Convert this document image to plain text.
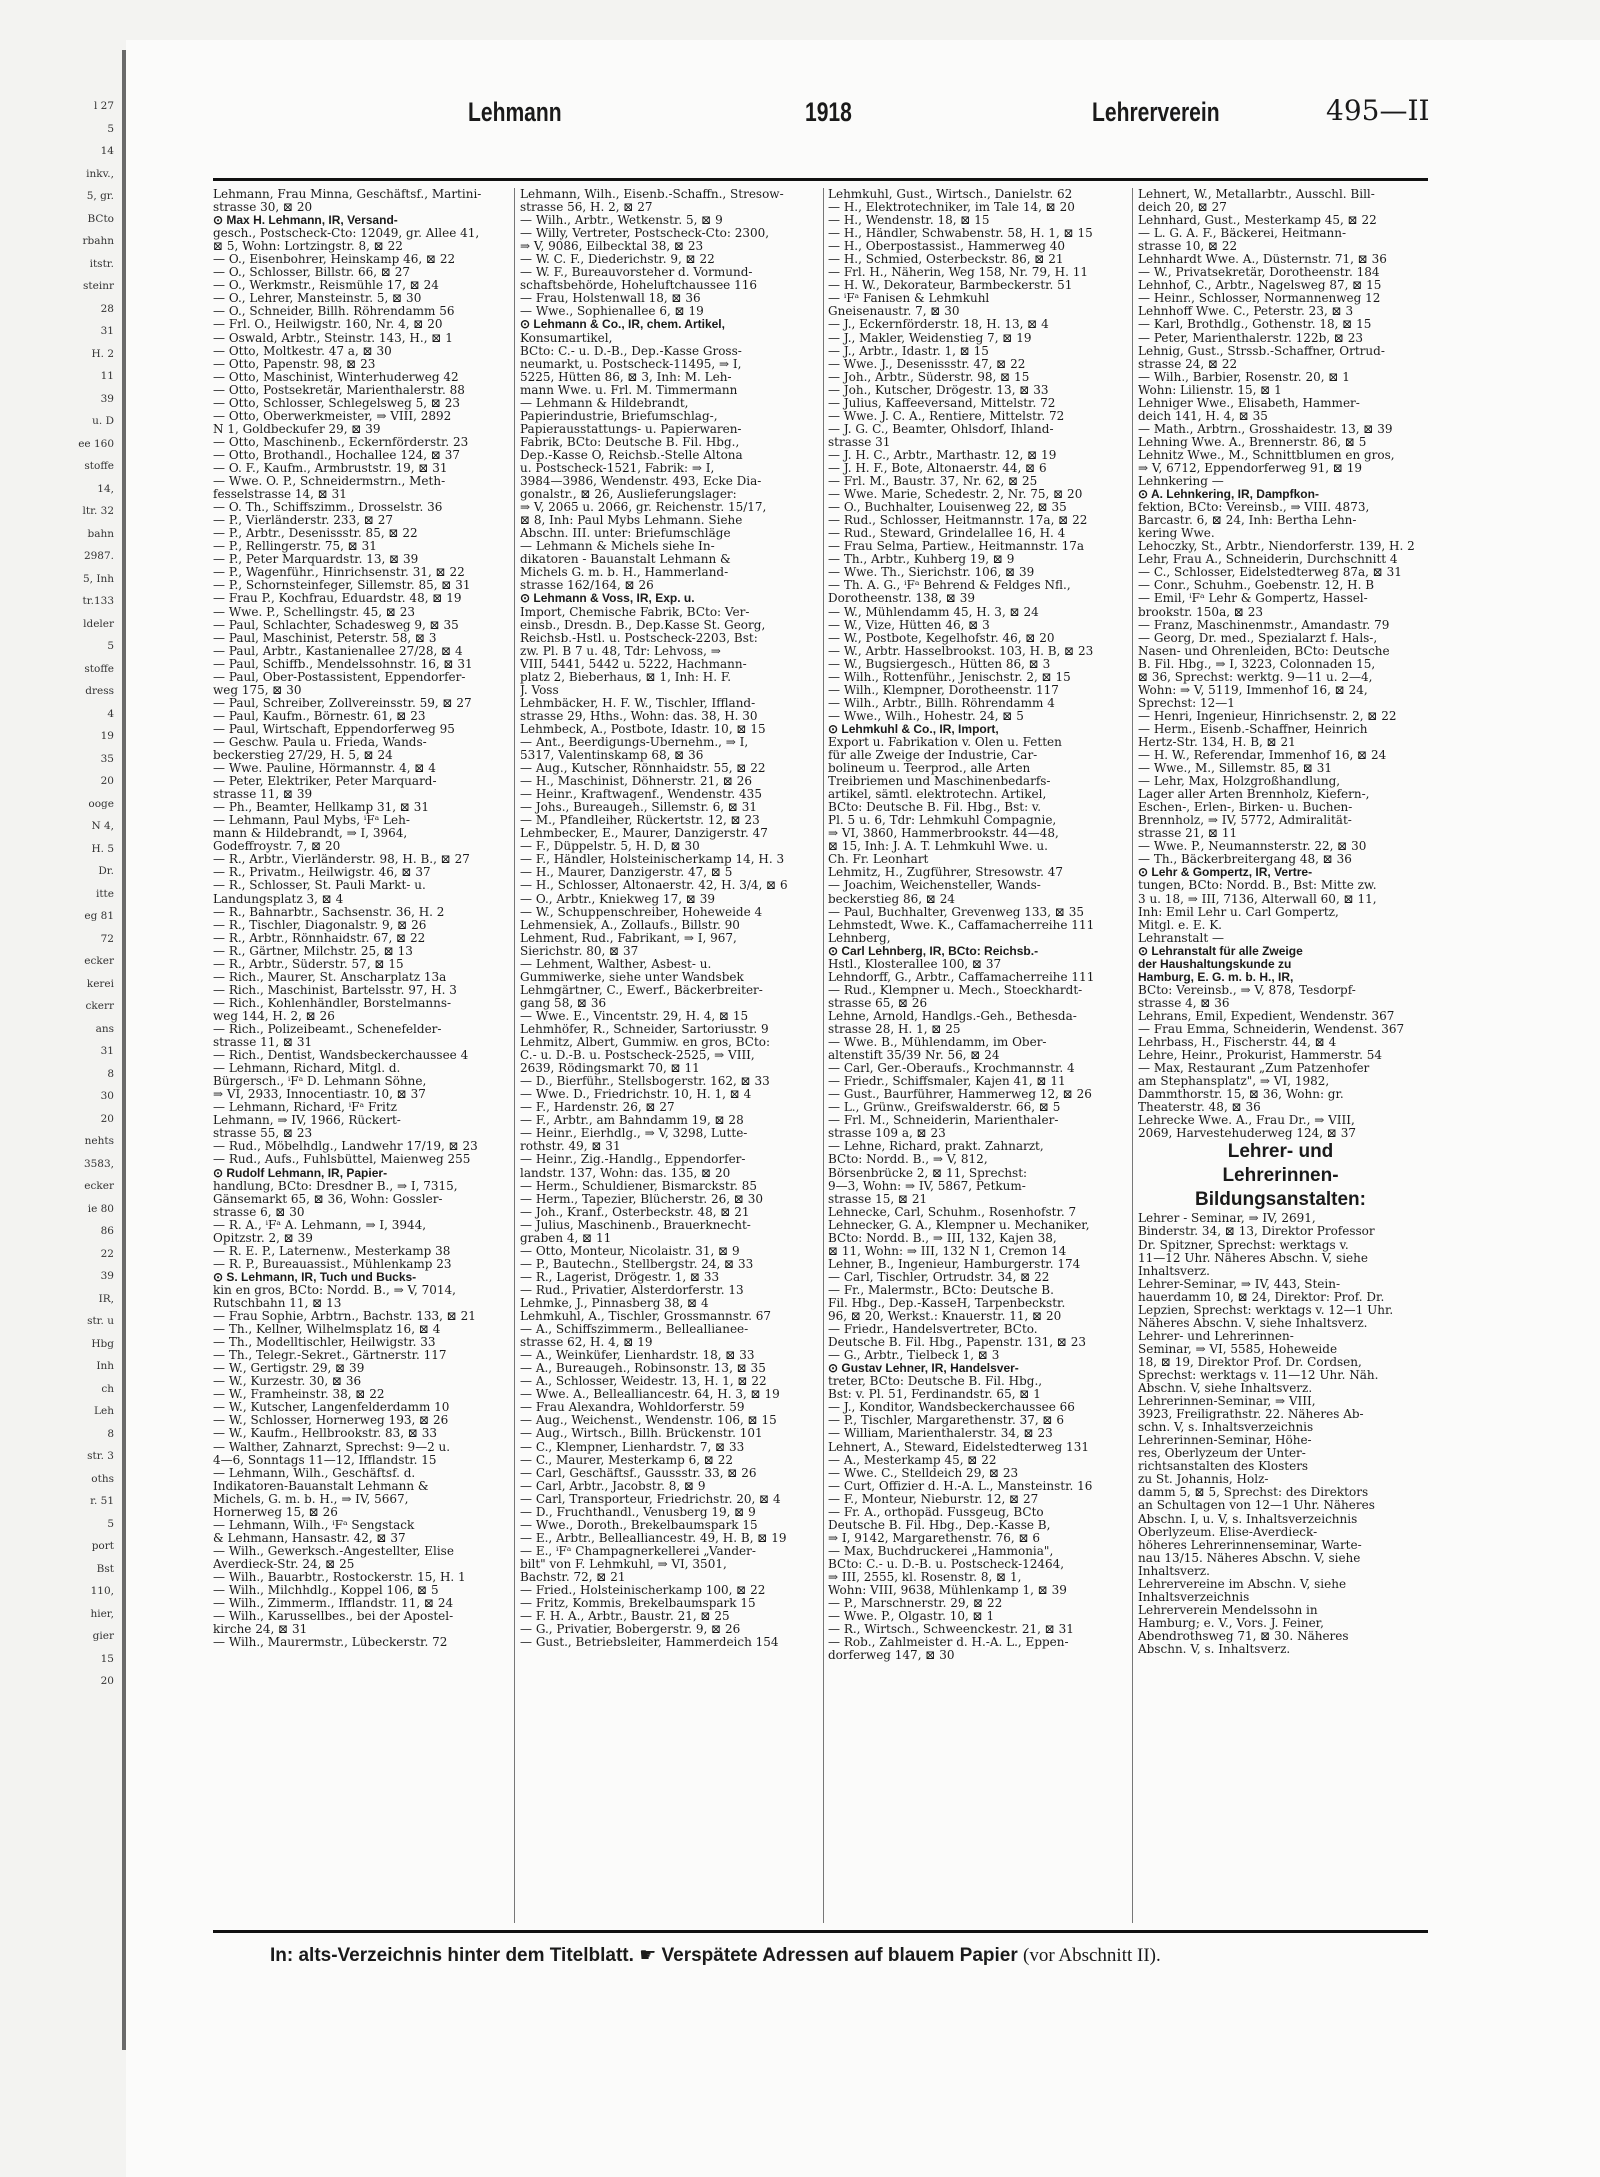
l 27
5
14
inkv.,
5, gr.
BCto
rbahn
itstr.
steinr
28
31
H. 2
11
39
u. D
ee 160
stoffe
14,
ltr. 32
bahn
2987.
5, Inh
tr.133
ldeler
5
stoffe
dress
4
19
35
20
ooge
N 4,
H. 5
Dr.
itte
eg 81
72
ecker
kerei
ckerr
ans
31
8
30
20
nehts
3583,
ecker
ie 80
86
22
39
IR,
str. u
Hbg
Inh
ch
Leh
8
str. 3
oths
r. 51
5
port
Bst
110,
hier,
gier
15
20
Lehmann	1918	Lehrerverein	495—II

Lehmann, Frau Minna, Geschäftsf., Martini-

strasse 30, ⊠ 20

⊙ Max H. Lehmann, IR, Versand-

gesch., Postscheck-Cto: 12049, gr. Allee 41,

⊠ 5, Wohn: Lortzingstr. 8, ⊠ 22

— O., Eisenbohrer, Heinskamp 46, ⊠ 22

— O., Schlosser, Billstr. 66, ⊠ 27

— O., Werkmstr., Reismühle 17, ⊠ 24

— O., Lehrer, Mansteinstr. 5, ⊠ 30

— O., Schneider, Billh. Röhrendamm 56

— Frl. O., Heilwigstr. 160, Nr. 4, ⊠ 20

— Oswald, Arbtr., Steinstr. 143, H., ⊠ 1

— Otto, Moltkestr. 47 a, ⊠ 30

— Otto, Papenstr. 98, ⊠ 23

— Otto, Maschinist, Winterhuderweg 42

— Otto, Postsekretär, Marienthalerstr. 88

— Otto, Schlosser, Schlegelsweg 5, ⊠ 23

— Otto, Oberwerkmeister, ⇒ VIII, 2892

N 1, Goldbeckufer 29, ⊠ 39

— Otto, Maschinenb., Eckernförderstr. 23

— Otto, Brothandl., Hochallee 124, ⊠ 37

— O. F., Kaufm., Armbruststr. 19, ⊠ 31

— Wwe. O. P., Schneidermstrn., Meth-

fesselstrasse 14, ⊠ 31

— O. Th., Schiffszimm., Drosselstr. 36

— P., Vierländerstr. 233, ⊠ 27

— P., Arbtr., Desenissstr. 85, ⊠ 22

— P., Rellingerstr. 75, ⊠ 31

— P., Peter Marquardstr. 13, ⊠ 39

— P., Wagenführ., Hinrichsenstr. 31, ⊠ 22

— P., Schornsteinfeger, Sillemstr. 85, ⊠ 31

— Frau P., Kochfrau, Eduardstr. 48, ⊠ 19

— Wwe. P., Schellingstr. 45, ⊠ 23

— Paul, Schlachter, Schadesweg 9, ⊠ 35

— Paul, Maschinist, Peterstr. 58, ⊠ 3

— Paul, Arbtr., Kastanienallee 27/28, ⊠ 4

— Paul, Schiffb., Mendelssohnstr. 16, ⊠ 31

— Paul, Ober-Postassistent, Eppendorfer-

weg 175, ⊠ 30

— Paul, Schreiber, Zollvereinsstr. 59, ⊠ 27

— Paul, Kaufm., Börnestr. 61, ⊠ 23

— Paul, Wirtschaft, Eppendorferweg 95

— Geschw. Paula u. Frieda, Wands-

beckerstieg 27/29, H. 5, ⊠ 24

— Wwe. Pauline, Hörmannstr. 4, ⊠ 4

— Peter, Elektriker, Peter Marquard-

strasse 11, ⊠ 39

— Ph., Beamter, Hellkamp 31, ⊠ 31

— Lehmann, Paul Mybs, ⁱFᵃ Leh-

mann & Hildebrandt, ⇒ I, 3964,

Godeffroystr. 7, ⊠ 20

— R., Arbtr., Vierländerstr. 98, H. B., ⊠ 27

— R., Privatm., Heilwigstr. 46, ⊠ 37

— R., Schlosser, St. Pauli Markt- u.

Landungsplatz 3, ⊠ 4

— R., Bahnarbtr., Sachsenstr. 36, H. 2

— R., Tischler, Diagonalstr. 9, ⊠ 26

— R., Arbtr., Rönnhaidstr. 67, ⊠ 22

— R., Gärtner, Milchstr. 25, ⊠ 13

— R., Arbtr., Süderstr. 57, ⊠ 15

— Rich., Maurer, St. Anscharplatz 13a

— Rich., Maschinist, Bartelsstr. 97, H. 3

— Rich., Kohlenhändler, Borstelmanns-

weg 144, H. 2, ⊠ 26

— Rich., Polizeibeamt., Schenefelder-

strasse 11, ⊠ 31

— Rich., Dentist, Wandsbeckerchaussee 4

— Lehmann, Richard, Mitgl. d.

Bürgersch., ⁱFᵃ D. Lehmann Söhne,

⇒ VI, 2933, Innocentiastr. 10, ⊠ 37

— Lehmann, Richard, ⁱFᵃ Fritz

Lehmann, ⇒ IV, 1966, Rückert-

strasse 55, ⊠ 23

— Rud., Möbelhdlg., Landwehr 17/19, ⊠ 23

— Rud., Aufs., Fuhlsbüttel, Maienweg 255

⊙ Rudolf Lehmann, IR, Papier-

handlung, BCto: Dresdner B., ⇒ I, 7315,

Gänsemarkt 65, ⊠ 36, Wohn: Gossler-

strasse 6, ⊠ 30

— R. A., ⁱFᵃ A. Lehmann, ⇒ I, 3944,

Opitzstr. 2, ⊠ 39

— R. E. P., Laternenw., Mesterkamp 38

— R. P., Bureauassist., Mühlenkamp 23

⊙ S. Lehmann, IR, Tuch und Bucks-

kin en gros, BCto: Nordd. B., ⇒ V, 7014,

Rutschbahn 11, ⊠ 13

— Frau Sophie, Arbtrn., Bachstr. 133, ⊠ 21

— Th., Kellner, Wilhelmsplatz 16, ⊠ 4

— Th., Modelltischler, Heilwigstr. 33

— Th., Telegr.-Sekret., Gärtnerstr. 117

— W., Gertigstr. 29, ⊠ 39

— W., Kurzestr. 30, ⊠ 36

— W., Framheinstr. 38, ⊠ 22

— W., Kutscher, Langenfelderdamm 10

— W., Schlosser, Hornerweg 193, ⊠ 26

— W., Kaufm., Hellbrookstr. 83, ⊠ 33

— Walther, Zahnarzt, Sprechst: 9—2 u.

4—6, Sonntags 11—12, Ifflandstr. 15

— Lehmann, Wilh., Geschäftsf. d.

Indikatoren-Bauanstalt Lehmann &

Michels, G. m. b. H., ⇒ IV, 5667,

Hornerweg 15, ⊠ 26

— Lehmann, Wilh., ⁱFᵃ Sengstack

& Lehmann, Hansastr. 42, ⊠ 37

— Wilh., Gewerksch.-Angestellter, Elise

Averdieck-Str. 24, ⊠ 25

— Wilh., Bauarbtr., Rostockerstr. 15, H. 1

— Wilh., Milchhdlg., Koppel 106, ⊠ 5

— Wilh., Zimmerm., Ifflandstr. 11, ⊠ 24

— Wilh., Karussellbes., bei der Apostel-

kirche 24, ⊠ 31

— Wilh., Maurermstr., Lübeckerstr. 72

Lehmann, Wilh., Eisenb.-Schaffn., Stresow-

strasse 56, H. 2, ⊠ 27

— Wilh., Arbtr., Wetkenstr. 5, ⊠ 9

— Willy, Vertreter, Postscheck-Cto: 2300,

⇒ V, 9086, Eilbecktal 38, ⊠ 23

— W. C. F., Diederichstr. 9, ⊠ 22

— W. F., Bureauvorsteher d. Vormund-

schaftsbehörde, Hoheluftchaussee 116

— Frau, Holstenwall 18, ⊠ 36

— Wwe., Sophienallee 6, ⊠ 19

⊙ Lehmann & Co., IR, chem. Artikel,

Konsumartikel,

BCto: C.- u. D.-B., Dep.-Kasse Gross-

neumarkt, u. Postscheck-11495, ⇒ I,

5225, Hütten 86, ⊠ 3, Inh: M. Leh-

mann Wwe. u. Frl. M. Timmermann

— Lehmann & Hildebrandt,

Papierindustrie, Briefumschlag-,

Papierausstattungs- u. Papierwaren-

Fabrik, BCto: Deutsche B. Fil. Hbg.,

Dep.-Kasse O, Reichsb.-Stelle Altona

u. Postscheck-1521, Fabrik: ⇒ I,

3984—3986, Wendenstr. 493, Ecke Dia-

gonalstr., ⊠ 26, Auslieferungslager:

⇒ V, 2065 u. 2066, gr. Reichenstr. 15/17,

⊠ 8, Inh: Paul Mybs Lehmann. Siehe

Abschn. III. unter: Briefumschläge

— Lehmann & Michels siehe In-

dikatoren - Bauanstalt Lehmann &

Michels G. m. b. H., Hammerland-

strasse 162/164, ⊠ 26

⊙ Lehmann & Voss, IR, Exp. u.

Import, Chemische Fabrik, BCto: Ver-

einsb., Dresdn. B., Dep.Kasse St. Georg,

Reichsb.-Hstl. u. Postscheck-2203, Bst:

zw. Pl. B 7 u. 48, Tdr: Lehvoss, ⇒

VIII, 5441, 5442 u. 5222, Hachmann-

platz 2, Bieberhaus, ⊠ 1, Inh: H. F.

J. Voss

Lehmbäcker, H. F. W., Tischler, Iffland-

strasse 29, Hths., Wohn: das. 38, H. 30

Lehmbeck, A., Postbote, Idastr. 10, ⊠ 15

— Ant., Beerdigungs-Übernehm., ⇒ I,

5317, Valentinskamp 68, ⊠ 36

— Aug., Kutscher, Rönnhaidstr. 55, ⊠ 22

— H., Maschinist, Döhnerstr. 21, ⊠ 26

— Heinr., Kraftwagenf., Wendenstr. 435

— Johs., Bureaugeh., Sillemstr. 6, ⊠ 31

— M., Pfandleiher, Rückertstr. 12, ⊠ 23

Lehmbecker, E., Maurer, Danzigerstr. 47

— F., Düppelstr. 5, H. D, ⊠ 30

— F., Händler, Holsteinischerkamp 14, H. 3

— H., Maurer, Danzigerstr. 47, ⊠ 5

— H., Schlosser, Altonaerstr. 42, H. 3/4, ⊠ 6

— O., Arbtr., Kniekweg 17, ⊠ 39

— W., Schuppenschreiber, Hoheweide 4

Lehmensiek, A., Zollaufs., Billstr. 90

Lehment, Rud., Fabrikant, ⇒ I, 967,

Sierichstr. 80, ⊠ 37

— Lehment, Walther, Asbest- u.

Gummiwerke, siehe unter Wandsbek

Lehmgärtner, C., Ewerf., Bäckerbreiter-

gang 58, ⊠ 36

— Wwe. E., Vincentstr. 29, H. 4, ⊠ 15

Lehmhöfer, R., Schneider, Sartoriusstr. 9

Lehmitz, Albert, Gummiw. en gros, BCto:

C.- u. D.-B. u. Postscheck-2525, ⇒ VIII,

2639, Rödingsmarkt 70, ⊠ 11

— D., Bierführ., Stellsbogerstr. 162, ⊠ 33

— Wwe. D., Friedrichstr. 10, H. 1, ⊠ 4

— F., Hardenstr. 26, ⊠ 27

— F., Arbtr., am Bahndamm 19, ⊠ 28

— Heinr., Eierhdlg., ⇒ V, 3298, Lutte-

rothstr. 49, ⊠ 31

— Heinr., Zig.-Handlg., Eppendorfer-

landstr. 137, Wohn: das. 135, ⊠ 20

— Herm., Schuldiener, Bismarckstr. 85

— Herm., Tapezier, Blücherstr. 26, ⊠ 30

— Joh., Kranf., Osterbeckstr. 48, ⊠ 21

— Julius, Maschinenb., Brauerknecht-

graben 4, ⊠ 11

— Otto, Monteur, Nicolaistr. 31, ⊠ 9

— P., Bautechn., Stellbergstr. 24, ⊠ 33

— R., Lagerist, Drögestr. 1, ⊠ 33

— Rud., Privatier, Alsterdorferstr. 13

Lehmke, J., Pinnasberg 38, ⊠ 4

Lehmkuhl, A., Tischler, Grossmannstr. 67

— A., Schiffszimmerm., Belleallianee-

strasse 62, H. 4, ⊠ 19

— A., Weinküfer, Lienhardstr. 18, ⊠ 33

— A., Bureaugeh., Robinsonstr. 13, ⊠ 35

— A., Schlosser, Weidestr. 13, H. 1, ⊠ 22

— Wwe. A., Bellealliancestr. 64, H. 3, ⊠ 19

— Frau Alexandra, Wohldorferstr. 59

— Aug., Weichenst., Wendenstr. 106, ⊠ 15

— Aug., Wirtsch., Billh. Brückenstr. 101

— C., Klempner, Lienhardstr. 7, ⊠ 33

— C., Maurer, Mesterkamp 6, ⊠ 22

— Carl, Geschäftsf., Gaussstr. 33, ⊠ 26

— Carl, Arbtr., Jacobstr. 8, ⊠ 9

— Carl, Transporteur, Friedrichstr. 20, ⊠ 4

— D., Fruchthandl., Venusberg 19, ⊠ 9

— Wwe., Doroth., Brekelbaumspark 15

— E., Arbtr., Bellealliancestr. 49, H. B, ⊠ 19

— E., ⁱFᵃ Champagnerkellerei „Vander-

bilt" von F. Lehmkuhl, ⇒ VI, 3501,

Bachstr. 72, ⊠ 21

— Fried., Holsteinischerkamp 100, ⊠ 22

— Fritz, Kommis, Brekelbaumspark 15

— F. H. A., Arbtr., Baustr. 21, ⊠ 25

— G., Privatier, Bobergerstr. 9, ⊠ 26

— Gust., Betriebsleiter, Hammerdeich 154

Lehmkuhl, Gust., Wirtsch., Danielstr. 62

— H., Elektrotechniker, im Tale 14, ⊠ 20

— H., Wendenstr. 18, ⊠ 15

— H., Händler, Schwabenstr. 58, H. 1, ⊠ 15

— H., Oberpostassist., Hammerweg 40

— H., Schmied, Osterbeckstr. 86, ⊠ 21

— Frl. H., Näherin, Weg 158, Nr. 79, H. 11

— H. W., Dekorateur, Barmbeckerstr. 51

— ⁱFᵃ Fanisen & Lehmkuhl

Gneisenaustr. 7, ⊠ 30

— J., Eckernförderstr. 18, H. 13, ⊠ 4

— J., Makler, Weidenstieg 7, ⊠ 19

— J., Arbtr., Idastr. 1, ⊠ 15

— Wwe. J., Desenissstr. 47, ⊠ 22

— Joh., Arbtr., Süderstr. 98, ⊠ 15

— Joh., Kutscher, Drögestr. 13, ⊠ 33

— Julius, Kaffeeversand, Mittelstr. 72

— Wwe. J. C. A., Rentiere, Mittelstr. 72

— J. G. C., Beamter, Ohlsdorf, Ihland-

strasse 31

— J. H. C., Arbtr., Marthastr. 12, ⊠ 19

— J. H. F., Bote, Altonaerstr. 44, ⊠ 6

— Frl. M., Baustr. 37, Nr. 62, ⊠ 25

— Wwe. Marie, Schedestr. 2, Nr. 75, ⊠ 20

— O., Buchhalter, Louisenweg 22, ⊠ 35

— Rud., Schlosser, Heitmannstr. 17a, ⊠ 22

— Rud., Steward, Grindelallee 16, H. 4

— Frau Selma, Partiew., Heitmannstr. 17a

— Th., Arbtr., Kuhberg 19, ⊠ 9

— Wwe. Th., Sierichstr. 106, ⊠ 39

— Th. A. G., ⁱFᵃ Behrend & Feldges Nfl.,

Dorotheenstr. 138, ⊠ 39

— W., Mühlendamm 45, H. 3, ⊠ 24

— W., Vize, Hütten 46, ⊠ 3

— W., Postbote, Kegelhofstr. 46, ⊠ 20

— W., Arbtr. Hasselbrookst. 103, H. B, ⊠ 23

— W., Bugsiergesch., Hütten 86, ⊠ 3

— Wilh., Rottenführ., Jenischstr. 2, ⊠ 15

— Wilh., Klempner, Dorotheenstr. 117

— Wilh., Arbtr., Billh. Röhrendamm 4

— Wwe., Wilh., Hohestr. 24, ⊠ 5

⊙ Lehmkuhl & Co., IR, Import,

Export u. Fabrikation v. Ölen u. Fetten

für alle Zweige der Industrie, Car-

bolineum u. Teerprod., alle Arten

Treibriemen und Maschinenbedarfs-

artikel, sämtl. elektrotechn. Artikel,

BCto: Deutsche B. Fil. Hbg., Bst: v.

Pl. 5 u. 6, Tdr: Lehmkuhl Compagnie,

⇒ VI, 3860, Hammerbrookstr. 44—48,

⊠ 15, Inh: J. A. T. Lehmkuhl Wwe. u.

Ch. Fr. Leonhart

Lehmitz, H., Zugführer, Stresowstr. 47

— Joachim, Weichensteller, Wands-

beckerstieg 86, ⊠ 24

— Paul, Buchhalter, Grevenweg 133, ⊠ 35

Lehmstedt, Wwe. K., Caffamacherreihe 111

Lehnberg,

⊙ Carl Lehnberg, IR, BCto: Reichsb.-

Hstl., Klosterallee 100, ⊠ 37

Lehndorff, G., Arbtr., Caffamacherreihe 111

— Rud., Klempner u. Mech., Stoeckhardt-

strasse 65, ⊠ 26

Lehne, Arnold, Handlgs.-Geh., Bethesda-

strasse 28, H. 1, ⊠ 25

— Wwe. B., Mühlendamm, im Ober-

altenstift 35/39 Nr. 56, ⊠ 24

— Carl, Ger.-Oberaufs., Krochmannstr. 4

— Friedr., Schiffsmaler, Kajen 41, ⊠ 11

— Gust., Baurführer, Hammerweg 12, ⊠ 26

— L., Grünw., Greifswalderstr. 66, ⊠ 5

— Frl. M., Schneiderin, Marienthaler-

strasse 109 a, ⊠ 23

— Lehne, Richard, prakt. Zahnarzt,

BCto: Nordd. B., ⇒ V, 812,

Börsenbrücke 2, ⊠ 11, Sprechst:

9—3, Wohn: ⇒ IV, 5867, Petkum-

strasse 15, ⊠ 21

Lehnecke, Carl, Schuhm., Rosenhofstr. 7

Lehnecker, G. A., Klempner u. Mechaniker,

BCto: Nordd. B., ⇒ III, 132, Kajen 38,

⊠ 11, Wohn: ⇒ III, 132 N 1, Cremon 14

Lehner, B., Ingenieur, Hamburgerstr. 174

— Carl, Tischler, Ortrudstr. 34, ⊠ 22

— Fr., Malermstr., BCto: Deutsche B.

Fil. Hbg., Dep.-KasseH, Tarpenbeckstr.

96, ⊠ 20, Werkst.: Knauerstr. 11, ⊠ 20

— Friedr., Handelsvertreter, BCto.

Deutsche B. Fil. Hbg., Papenstr. 131, ⊠ 23

— G., Arbtr., Tielbeck 1, ⊠ 3

⊙ Gustav Lehner, IR, Handelsver-

treter, BCto: Deutsche B. Fil. Hbg.,

Bst: v. Pl. 51, Ferdinandstr. 65, ⊠ 1

— J., Konditor, Wandsbeckerchaussee 66

— P., Tischler, Margarethenstr. 37, ⊠ 6

— William, Marienthalerstr. 34, ⊠ 23

Lehnert, A., Steward, Eidelstedterweg 131

— A., Mesterkamp 45, ⊠ 22

— Wwe. C., Stelldeich 29, ⊠ 23

— Curt, Offizier d. H.-A. L., Mansteinstr. 16

— F., Monteur, Nieburstr. 12, ⊠ 27

— Fr. A., orthopäd. Fussgeug, BCto

Deutsche B. Fil. Hbg., Dep.-Kasse B,

⇒ I, 9142, Margarethenstr. 76, ⊠ 6

— Max, Buchdruckerei „Hammonia",

BCto: C.- u. D.-B. u. Postscheck-12464,

⇒ III, 2555, kl. Rosenstr. 8, ⊠ 1,

Wohn: VIII, 9638, Mühlenkamp 1, ⊠ 39

— P., Marschnerstr. 29, ⊠ 22

— Wwe. P., Olgastr. 10, ⊠ 1

— R., Wirtsch., Schweenckestr. 21, ⊠ 31

— Rob., Zahlmeister d. H.-A. L., Eppen-

dorferweg 147, ⊠ 30

Lehnert, W., Metallarbtr., Ausschl. Bill-

deich 20, ⊠ 27

Lehnhard, Gust., Mesterkamp 45, ⊠ 22

— L. G. A. F., Bäckerei, Heitmann-

strasse 10, ⊠ 22

Lehnhardt Wwe. A., Düsternstr. 71, ⊠ 36

— W., Privatsekretär, Dorotheenstr. 184

Lehnhof, C., Arbtr., Nagelsweg 87, ⊠ 15

— Heinr., Schlosser, Normannenweg 12

Lehnhoff Wwe. C., Peterstr. 23, ⊠ 3

— Karl, Brothdlg., Gothenstr. 18, ⊠ 15

— Peter, Marienthalerstr. 122b, ⊠ 23

Lehnig, Gust., Strssb.-Schaffner, Ortrud-

strasse 24, ⊠ 22

— Wilh., Barbier, Rosenstr. 20, ⊠ 1

Wohn: Lilienstr. 15, ⊠ 1

Lehniger Wwe., Elisabeth, Hammer-

deich 141, H. 4, ⊠ 35

— Math., Arbtrn., Grosshaidestr. 13, ⊠ 39

Lehning Wwe. A., Brennerstr. 86, ⊠ 5

Lehnitz Wwe., M., Schnittblumen en gros,

⇒ V, 6712, Eppendorferweg 91, ⊠ 19

Lehnkering —

⊙ A. Lehnkering, IR, Dampfkon-

fektion, BCto: Vereinsb., ⇒ VIII. 4873,

Barcastr. 6, ⊠ 24, Inh: Bertha Lehn-

kering Wwe.

Lehoczky, St., Arbtr., Niendorferstr. 139, H. 2

Lehr, Frau A., Schneiderin, Durchschnitt 4

— C., Schlosser, Eidelstedterweg 87a, ⊠ 31

— Conr., Schuhm., Goebenstr. 12, H. B

— Emil, ⁱFᵃ Lehr & Gompertz, Hassel-

brookstr. 150a, ⊠ 23

— Franz, Maschinenmstr., Amandastr. 79

— Georg, Dr. med., Spezialarzt f. Hals-,

Nasen- und Ohrenleiden, BCto: Deutsche

B. Fil. Hbg., ⇒ I, 3223, Colonnaden 15,

⊠ 36, Sprechst: werktg. 9—11 u. 2—4,

Wohn: ⇒ V, 5119, Immenhof 16, ⊠ 24,

Sprechst: 12—1

— Henri, Ingenieur, Hinrichsenstr. 2, ⊠ 22

— Herm., Eisenb.-Schaffner, Heinrich

Hertz-Str. 134, H. B, ⊠ 21

— H. W., Referendar, Immenhof 16, ⊠ 24

— Wwe., M., Sillemstr. 85, ⊠ 31

— Lehr, Max, Holzgroßhandlung,

Lager aller Arten Brennholz, Kiefern-,

Eschen-, Erlen-, Birken- u. Buchen-

Brennholz, ⇒ IV, 5772, Admiralität-

strasse 21, ⊠ 11

— Wwe. P., Neumannsterstr. 22, ⊠ 30

— Th., Bäckerbreitergang 48, ⊠ 36

⊙ Lehr & Gompertz, IR, Vertre-

tungen, BCto: Nordd. B., Bst: Mitte zw.

3 u. 18, ⇒ III, 7136, Alterwall 60, ⊠ 11,

Inh: Emil Lehr u. Carl Gompertz,

Mitgl. e. E. K.

Lehranstalt —

⊙ Lehranstalt für alle Zweige

der Haushaltungskunde zu

Hamburg, E. G. m. b. H., IR,

BCto: Vereinsb., ⇒ V, 878, Tesdorpf-

strasse 4, ⊠ 36

Lehrans, Emil, Expedient, Wendenstr. 367

— Frau Emma, Schneiderin, Wendenst. 367

Lehrbass, H., Fischerstr. 44, ⊠ 4

Lehre, Heinr., Prokurist, Hammerstr. 54

— Max, Restaurant „Zum Patzenhofer

am Stephansplatz", ⇒ VI, 1982,

Dammthorstr. 15, ⊠ 36, Wohn: gr.

Theaterstr. 48, ⊠ 36

Lehrecke Wwe. A., Frau Dr., ⇒ VIII,

2069, Harvestehuderweg 124, ⊠ 37

Lehrer- und

Lehrerinnen-

Bildungsanstalten:

Lehrer - Seminar, ⇒ IV, 2691,

Binderstr. 34, ⊠ 13, Direktor Professor

Dr. Spitzner, Sprechst: werktags v.

11—12 Uhr. Näheres Abschn. V, siehe

Inhaltsverz.

Lehrer-Seminar, ⇒ IV, 443, Stein-

hauerdamm 10, ⊠ 24, Direktor: Prof. Dr.

Lepzien, Sprechst: werktags v. 12—1 Uhr.

Näheres Abschn. V, siehe Inhaltsverz.

Lehrer- und Lehrerinnen-

Seminar, ⇒ VI, 5585, Hoheweide

18, ⊠ 19, Direktor Prof. Dr. Cordsen,

Sprechst: werktags v. 11—12 Uhr. Näh.

Abschn. V, siehe Inhaltsverz.

Lehrerinnen-Seminar, ⇒ VIII,

3923, Freiligrathstr. 22. Näheres Ab-

schn. V, s. Inhaltsverzeichnis

Lehrerinnen-Seminar, Höhe-

res, Oberlyzeum der Unter-

richtsanstalten des Klosters

zu St. Johannis, Holz-

damm 5, ⊠ 5, Sprechst: des Direktors

an Schultagen von 12—1 Uhr. Näheres

Abschn. I, u. V, s. Inhaltsverzeichnis

Oberlyzeum. Elise-Averdieck-

höheres Lehrerinnenseminar, Warte-

nau 13/15. Näheres Abschn. V, siehe

Inhaltsverz.

Lehrervereine im Abschn. V, siehe

Inhaltsverzeichnis

Lehrerverein Mendelssohn in

Hamburg; e. V., Vors. J. Feiner,

Abendrothsweg 71, ⊠ 30. Näheres

Abschn. V, s. Inhaltsverz.

In: alts-Verzeichnis hinter dem Titelblatt. ☛ Verspätete Adressen auf blauem Papier (vor Abschnitt II).
